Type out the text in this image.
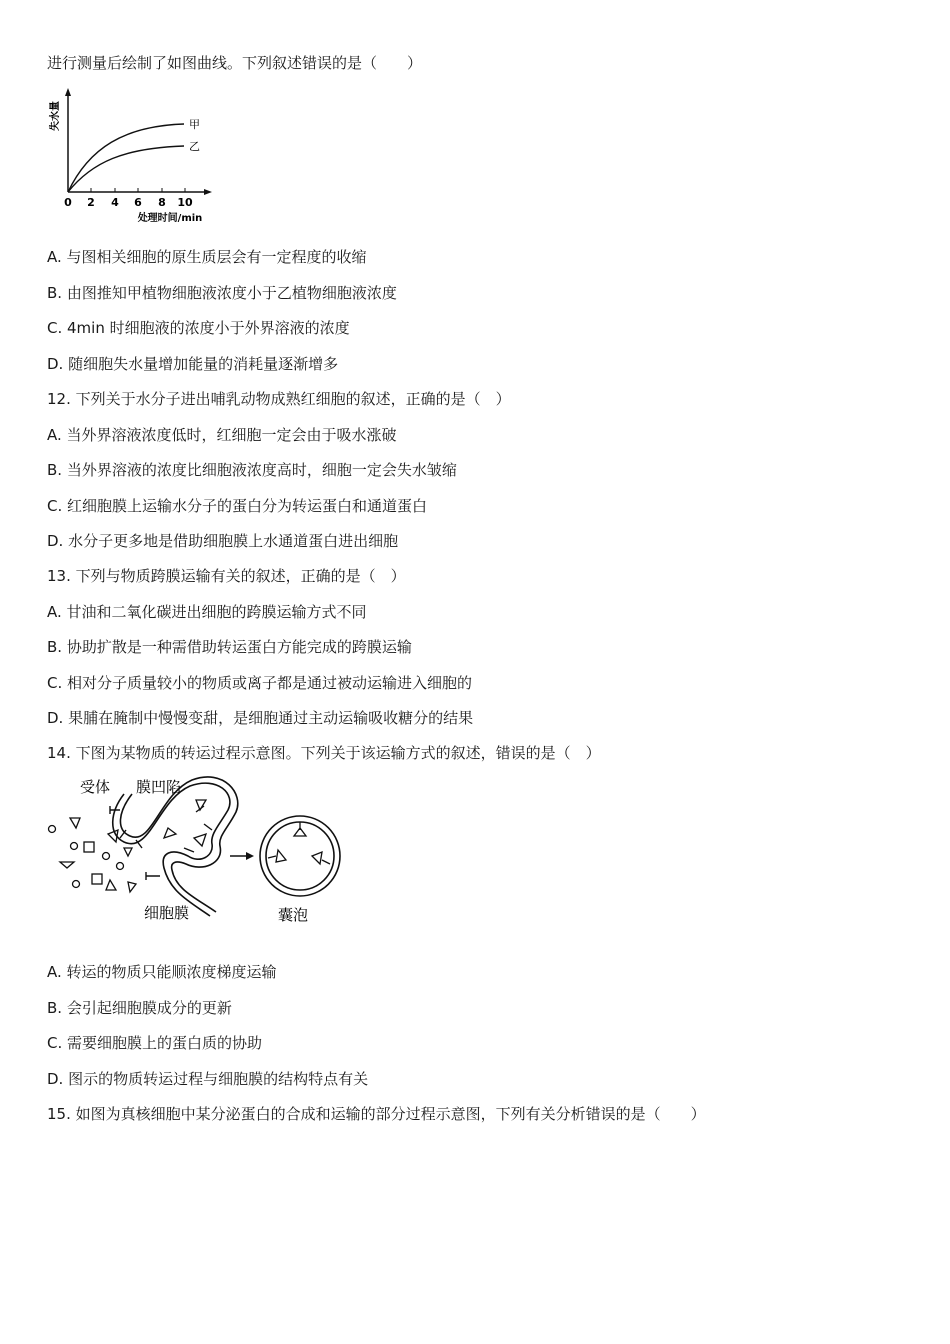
进行测量后绘制了如图曲线。下列叙述错误的是（　　）
失水量	甲
乙
0 2 4 6 8 10
处理时间/min
A. 与图相关细胞的原生质层会有一定程度的收缩
B. 由图推知甲植物细胞液浓度小于乙植物细胞液浓度
C. 4min 时细胞液的浓度小于外界溶液的浓度
D. 随细胞失水量增加能量的消耗量逐渐增多
12. 下列关于水分子进出哺乳动物成熟红细胞的叙述，正确的是（　）
A. 当外界溶液浓度低时，红细胞一定会由于吸水涨破
B. 当外界溶液的浓度比细胞液浓度高时，细胞一定会失水皱缩
C. 红细胞膜上运输水分子的蛋白分为转运蛋白和通道蛋白
D. 水分子更多地是借助细胞膜上水通道蛋白进出细胞
13. 下列与物质跨膜运输有关的叙述，正确的是（　）
A. 甘油和二氧化碳进出细胞的跨膜运输方式不同
B. 协助扩散是一种需借助转运蛋白方能完成的跨膜运输
C. 相对分子质量较小的物质或离子都是通过被动运输进入细胞的
D. 果脯在腌制中慢慢变甜，是细胞通过主动运输吸收糖分的结果
14. 下图为某物质的转运过程示意图。下列关于该运输方式的叙述，错误的是（　）
受体 膜凹陷
细胞膜	囊泡
A. 转运的物质只能顺浓度梯度运输
B. 会引起细胞膜成分的更新
C. 需要细胞膜上的蛋白质的协助
D. 图示的物质转运过程与细胞膜的结构特点有关
15. 如图为真核细胞中某分泌蛋白的合成和运输的部分过程示意图，下列有关分析错误的是（　　）
